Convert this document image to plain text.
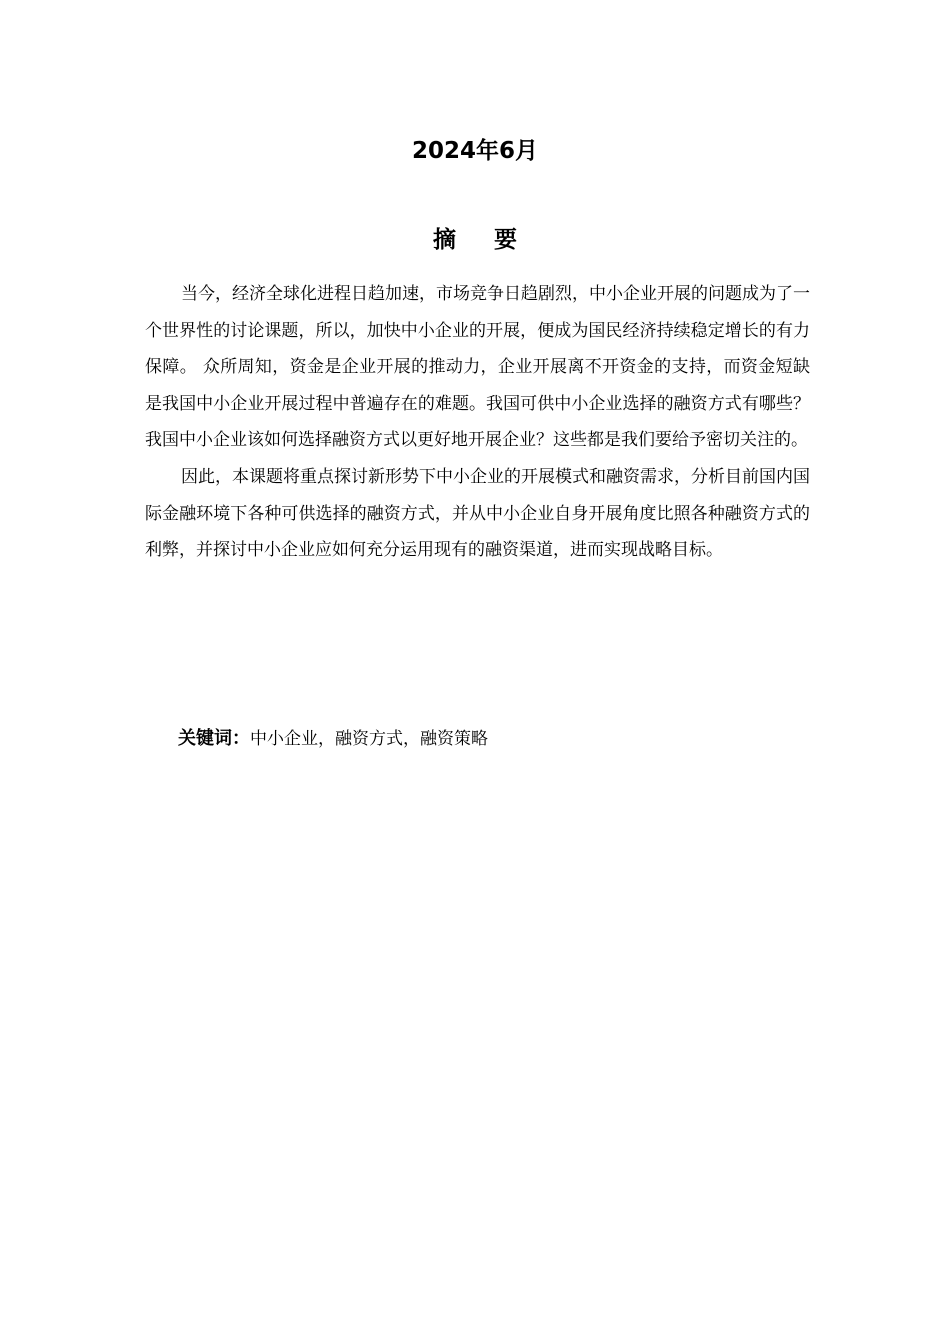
2024年6月
摘要

当今，经济全球化进程日趋加速，市场竞争日趋剧烈，中小企业开展的问题成为了一个世界性的讨论课题，所以，加快中小企业的开展，便成为国民经济持续稳定增长的有力保障。 众所周知，资金是企业开展的推动力，企业开展离不开资金的支持，而资金短缺是我国中小企业开展过程中普遍存在的难题。我国可供中小企业选择的融资方式有哪些？我国中小企业该如何选择融资方式以更好地开展企业？这些都是我们要给予密切关注的。

因此，本课题将重点探讨新形势下中小企业的开展模式和融资需求，分析目前国内国际金融环境下各种可供选择的融资方式，并从中小企业自身开展角度比照各种融资方式的利弊，并探讨中小企业应如何充分运用现有的融资渠道，进而实现战略目标。

关键词：中小企业，融资方式，融资策略
